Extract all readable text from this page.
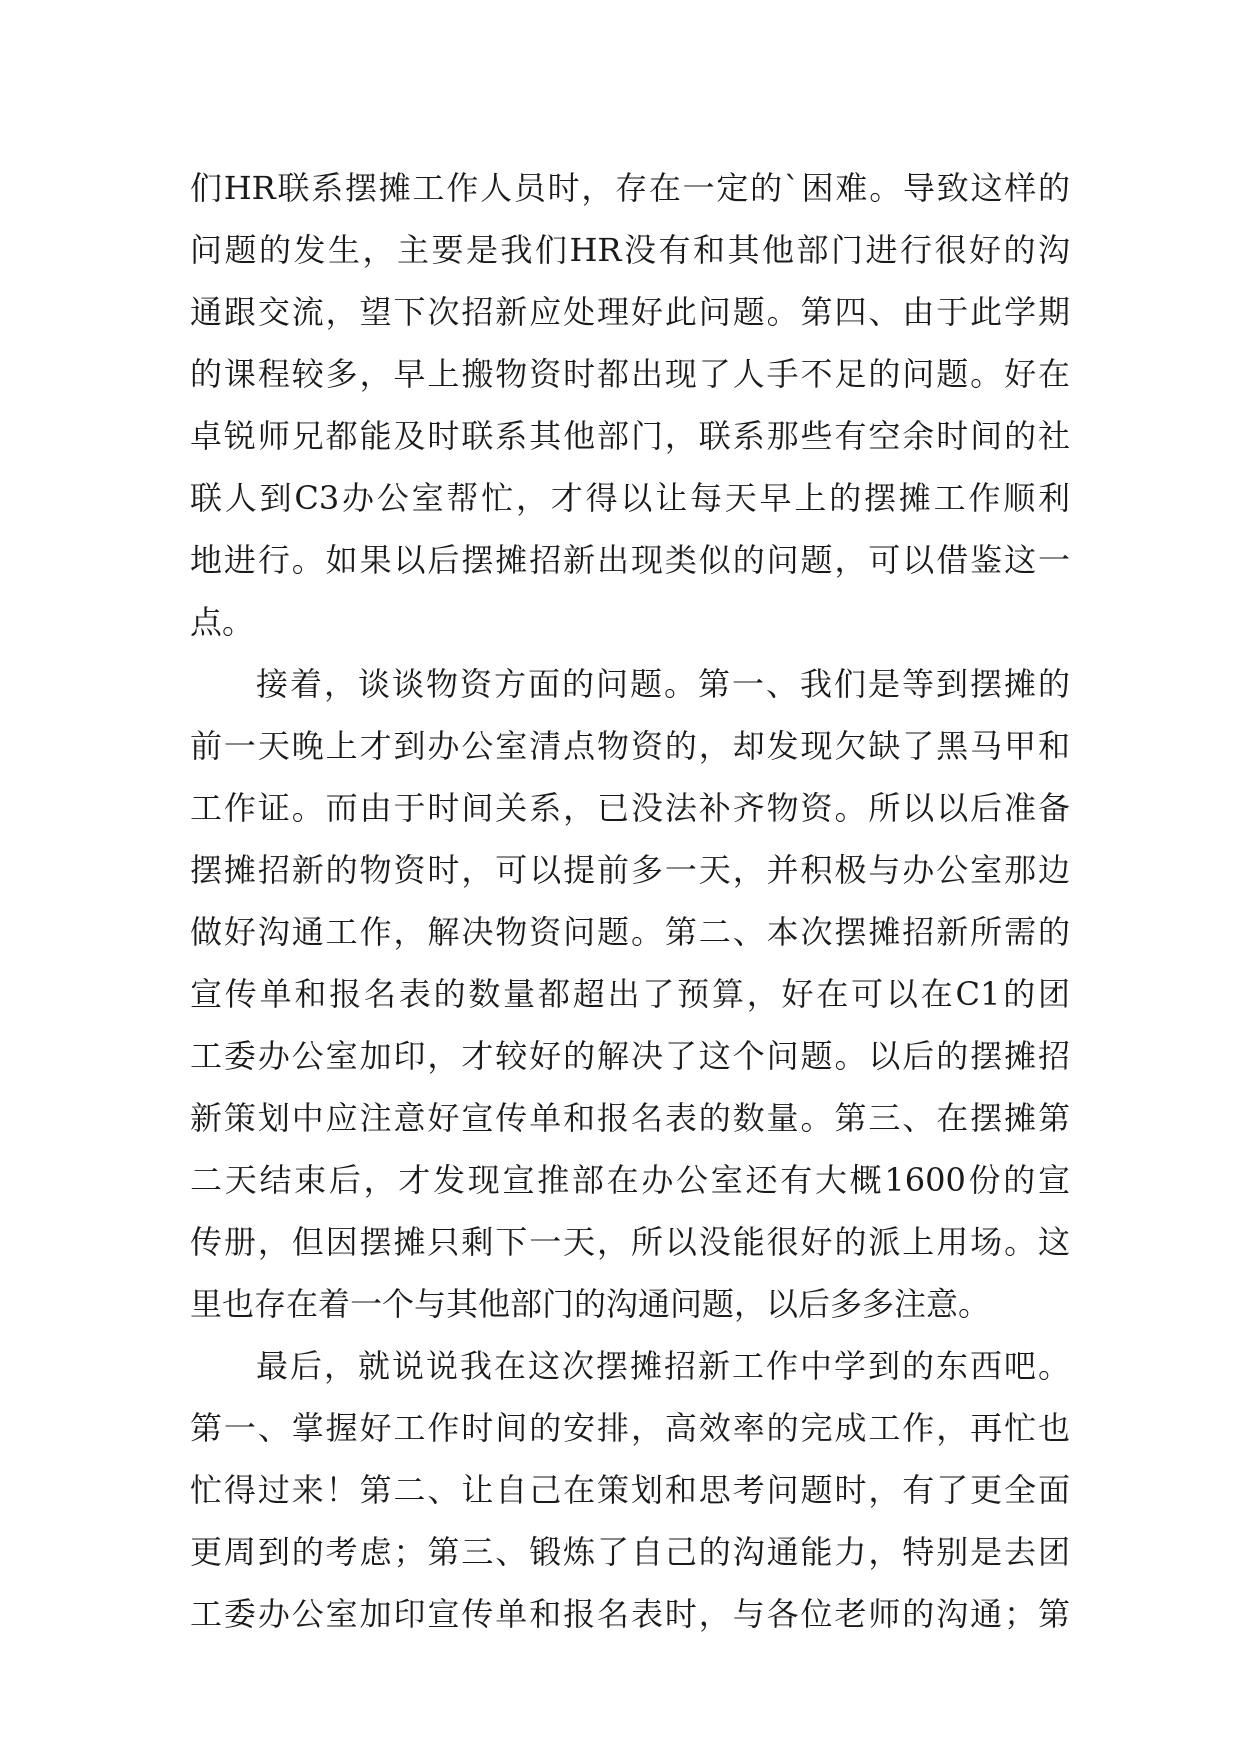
们HR联系摆摊工作人员时，存在一定的`困难。导致这样的
问题的发生，主要是我们HR没有和其他部门进行很好的沟
通跟交流，望下次招新应处理好此问题。第四、由于此学期
的课程较多，早上搬物资时都出现了人手不足的问题。好在
卓锐师兄都能及时联系其他部门，联系那些有空余时间的社
联人到C3办公室帮忙，才得以让每天早上的摆摊工作顺利
地进行。如果以后摆摊招新出现类似的问题，可以借鉴这一
点。
接着，谈谈物资方面的问题。第一、我们是等到摆摊的
前一天晚上才到办公室清点物资的，却发现欠缺了黑马甲和
工作证。而由于时间关系，已没法补齐物资。所以以后准备
摆摊招新的物资时，可以提前多一天，并积极与办公室那边
做好沟通工作，解决物资问题。第二、本次摆摊招新所需的
宣传单和报名表的数量都超出了预算，好在可以在C1的团
工委办公室加印，才较好的解决了这个问题。以后的摆摊招
新策划中应注意好宣传单和报名表的数量。第三、在摆摊第
二天结束后，才发现宣推部在办公室还有大概1600份的宣
传册，但因摆摊只剩下一天，所以没能很好的派上用场。这
里也存在着一个与其他部门的沟通问题，以后多多注意。
最后，就说说我在这次摆摊招新工作中学到的东西吧。
第一、掌握好工作时间的安排，高效率的完成工作，再忙也
忙得过来！第二、让自己在策划和思考问题时，有了更全面
更周到的考虑；第三、锻炼了自己的沟通能力，特别是去团
工委办公室加印宣传单和报名表时，与各位老师的沟通；第
